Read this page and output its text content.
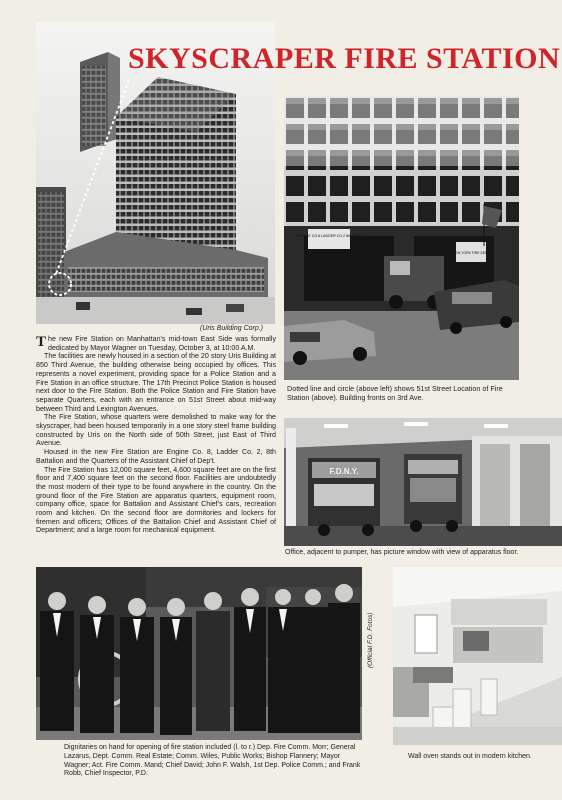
SKYSCRAPER FIRE STATION
(Uris Building Corp.)
ENGINE CO.8 LADDER CO.2 8th BATT
NEW YORK FIRE DEPT
Dotted line and circle (above left) shows 51st Street Location of Fire Station (above). Building fronts on 3rd Ave.

The new Fire Station on Manhattan's mid-town East Side was formally dedicated by Mayor Wagner on Tuesday, October 3, at 10:00 A.M.

The facilities are newly housed in a section of the 20 story Uris Building at 850 Third Avenue, the building otherwise being occupied by offices. This represents a novel experiment, providing space for a Police Station and a Fire Station in an office structure. The 17th Precinct Police Station is housed next door to the Fire Station. Both the Police Station and Fire Station have separate Quarters, each with an entrance on 51st Street about mid-way between Third and Lexington Avenues.

The Fire Station, whose quarters were demolished to make way for the skyscraper, had been housed temporarily in a one story steel frame building constructed by Uris on the North side of 50th Street, just East of Third Avenue.

Housed in the new Fire Station are Engine Co. 8, Ladder Co. 2, 8th Battalion and the Quarters of the Assistant Chief of Dep't.

The Fire Station has 12,000 square feet, 4,600 square feet are on the first floor and 7,400 square feet on the second floor. Facilities are undoubtedly the most modern of their type to be found anywhere in the country. On the ground floor of the Fire Station are apparatus quarters, equipment room, company office, space for Battalion and Assistant Chief's cars, recreation room and kitchen. On the second floor are dormitories and lockers for firemen and officers; Offices of the Battalion Chief and Assistant Chief of Department; and a large room for mechanical equipment.

F.D.N.Y.
Office, adjacent to pumper, has picture window with view of apparatus floor.
(Official F.D. Fotos)
Dignitaries on hand for opening of fire station included (l. to r.) Dep. Fire Comm. Morr; General Lazarus, Dept. Comm. Real Estate; Comm. Wiles, Public Works; Bishop Flannery; Mayor Wagner; Act. Fire Comm. Mand; Chief David; John F. Walsh, 1st Dep. Police Comm.; and Frank Robb, Chief Inspector, P.D.
Wall oven stands out in modern kitchen.
